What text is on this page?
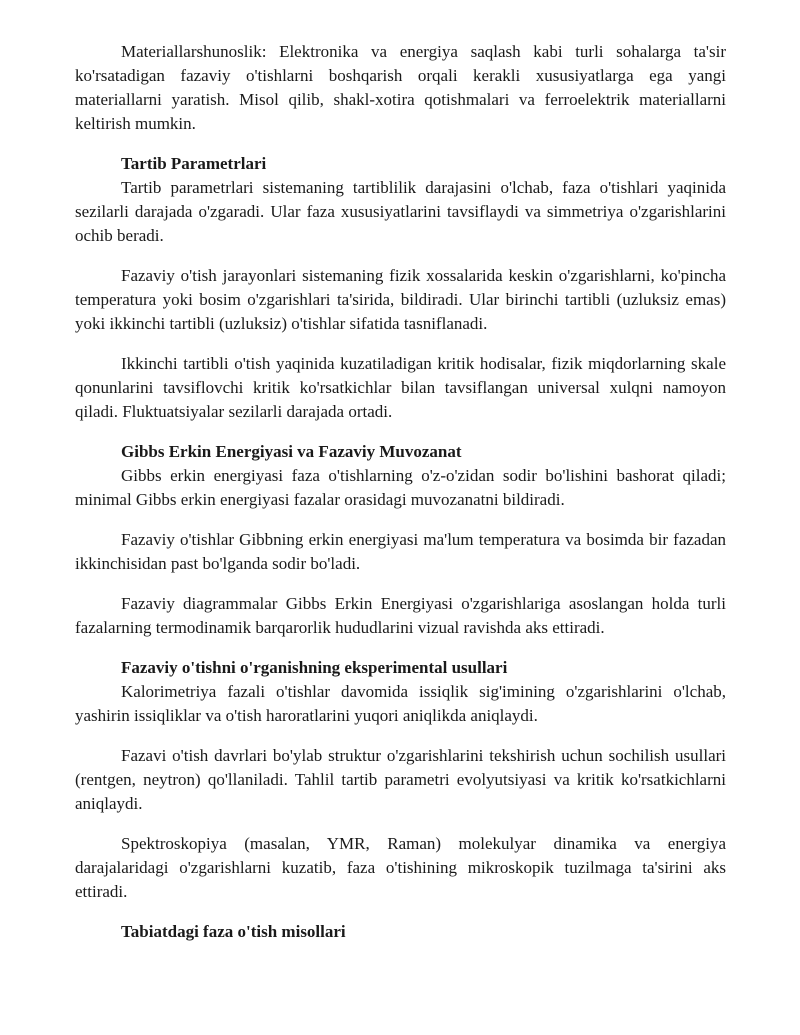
Materiallarshunoslik: Elektronika va energiya saqlash kabi turli sohalarga ta'sir ko'rsatadigan fazaviy o'tishlarni boshqarish orqali kerakli xususiyatlarga ega yangi materiallarni yaratish. Misol qilib, shakl-xotira qotishmalari va ferroelektrik materiallarni keltirish mumkin.

Tartib Parametrlari

Tartib parametrlari sistemaning tartiblilik darajasini o'lchab, faza o'tishlari yaqinida sezilarli darajada o'zgaradi. Ular faza xususiyatlarini tavsiflaydi va simmetriya o'zgarishlarini ochib beradi.

Fazaviy o'tish jarayonlari sistemaning fizik xossalarida keskin o'zgarishlarni, ko'pincha temperatura yoki bosim o'zgarishlari ta'sirida, bildiradi. Ular birinchi tartibli (uzluksiz emas) yoki ikkinchi tartibli (uzluksiz) o'tishlar sifatida tasniflanadi.

Ikkinchi tartibli o'tish yaqinida kuzatiladigan kritik hodisalar, fizik miqdorlarning skale qonunlarini tavsiflovchi kritik ko'rsatkichlar bilan tavsiflangan universal xulqni namoyon qiladi. Fluktuatsiyalar sezilarli darajada ortadi.

Gibbs Erkin Energiyasi va Fazaviy Muvozanat

Gibbs erkin energiyasi faza o'tishlarning o'z-o'zidan sodir bo'lishini bashorat qiladi; minimal Gibbs erkin energiyasi fazalar orasidagi muvozanatni bildiradi.

Fazaviy o'tishlar Gibbning erkin energiyasi ma'lum temperatura va bosimda bir fazadan ikkinchisidan past bo'lganda sodir bo'ladi.

Fazaviy diagrammalar Gibbs Erkin Energiyasi o'zgarishlariga asoslangan holda turli fazalarning termodinamik barqarorlik hududlarini vizual ravishda aks ettiradi.

Fazaviy o'tishni o'rganishning eksperimental usullari

Kalorimetriya fazali o'tishlar davomida issiqlik sig'imining o'zgarishlarini o'lchab, yashirin issiqliklar va o'tish haroratlarini yuqori aniqlikda aniqlaydi.

Fazavi o'tish davrlari bo'ylab struktur o'zgarishlarini tekshirish uchun sochilish usullari (rentgen, neytron) qo'llaniladi. Tahlil tartib parametri evolyutsiyasi va kritik ko'rsatkichlarni aniqlaydi.

Spektroskopiya (masalan, YMR, Raman) molekulyar dinamika va energiya darajalaridagi o'zgarishlarni kuzatib, faza o'tishining mikroskopik tuzilmaga ta'sirini aks ettiradi.

Tabiatdagi faza o'tish misollari
